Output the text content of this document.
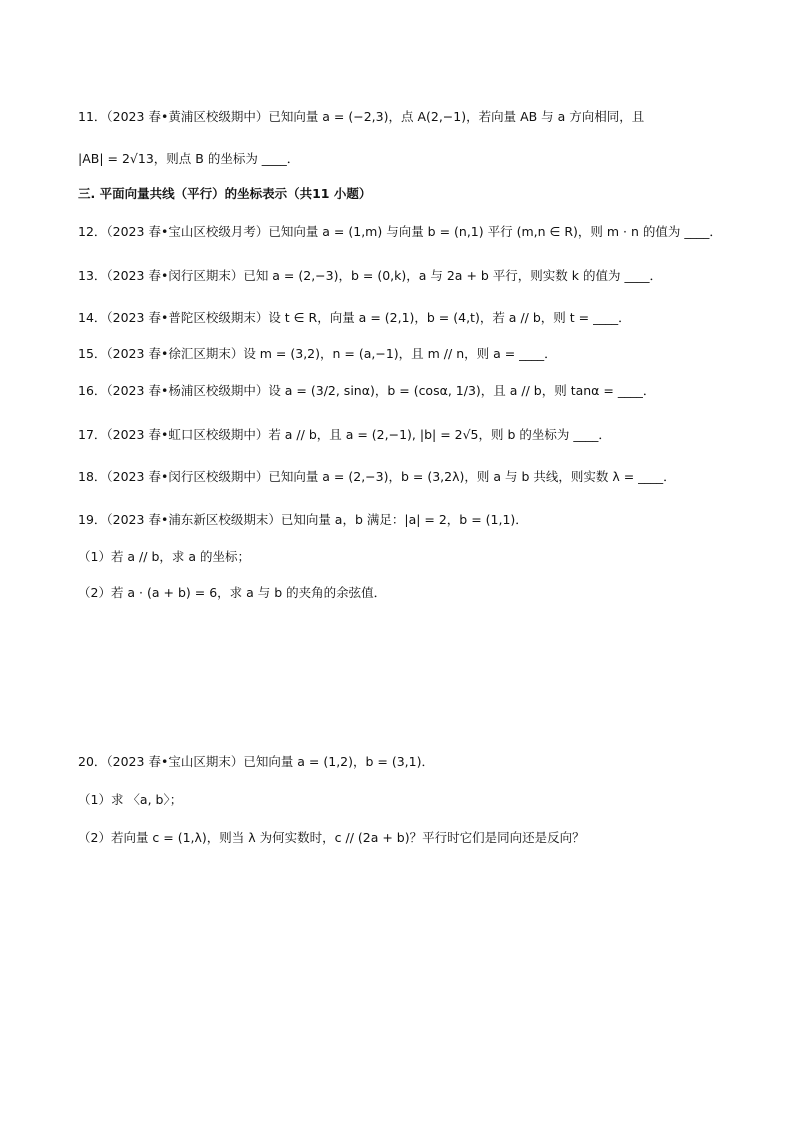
11．（2023 春•黄浦区校级期中）已知向量 a = (−2,3)，点 A(2,−1)，若向量 AB 与 a 方向相同，且
|AB| = 2√13，则点 B 的坐标为 ____．
三. 平面向量共线（平行）的坐标表示（共11 小题）
12．（2023 春•宝山区校级月考）已知向量 a = (1,m) 与向量 b = (n,1) 平行 (m,n ∈ R)，则 m · n 的值为 ____．
13．（2023 春•闵行区期末）已知 a = (2,−3)，b = (0,k)，a 与 2a + b 平行，则实数 k 的值为 ____．
14．（2023 春•普陀区校级期末）设 t ∈ R，向量 a = (2,1)，b = (4,t)，若 a // b，则 t = ____．
15．（2023 春•徐汇区期末）设 m = (3,2)，n = (a,−1)，且 m // n，则 a = ____．
16．（2023 春•杨浦区校级期中）设 a = (3/2, sinα)，b = (cosα, 1/3)，且 a // b，则 tanα = ____．
17．（2023 春•虹口区校级期中）若 a // b，且 a = (2,−1), |b| = 2√5，则 b 的坐标为 ____．
18．（2023 春•闵行区校级期中）已知向量 a = (2,−3)，b = (3,2λ)，则 a 与 b 共线，则实数 λ = ____．
19．（2023 春•浦东新区校级期末）已知向量 a，b 满足：|a| = 2，b = (1,1)．
（1）若 a // b，求 a 的坐标；
（2）若 a · (a + b) = 6，求 a 与 b 的夹角的余弦值．
20．（2023 春•宝山区期末）已知向量 a = (1,2)，b = (3,1)．
（1）求 〈a, b〉；
（2）若向量 c = (1,λ)，则当 λ 为何实数时，c // (2a + b)？平行时它们是同向还是反向？
